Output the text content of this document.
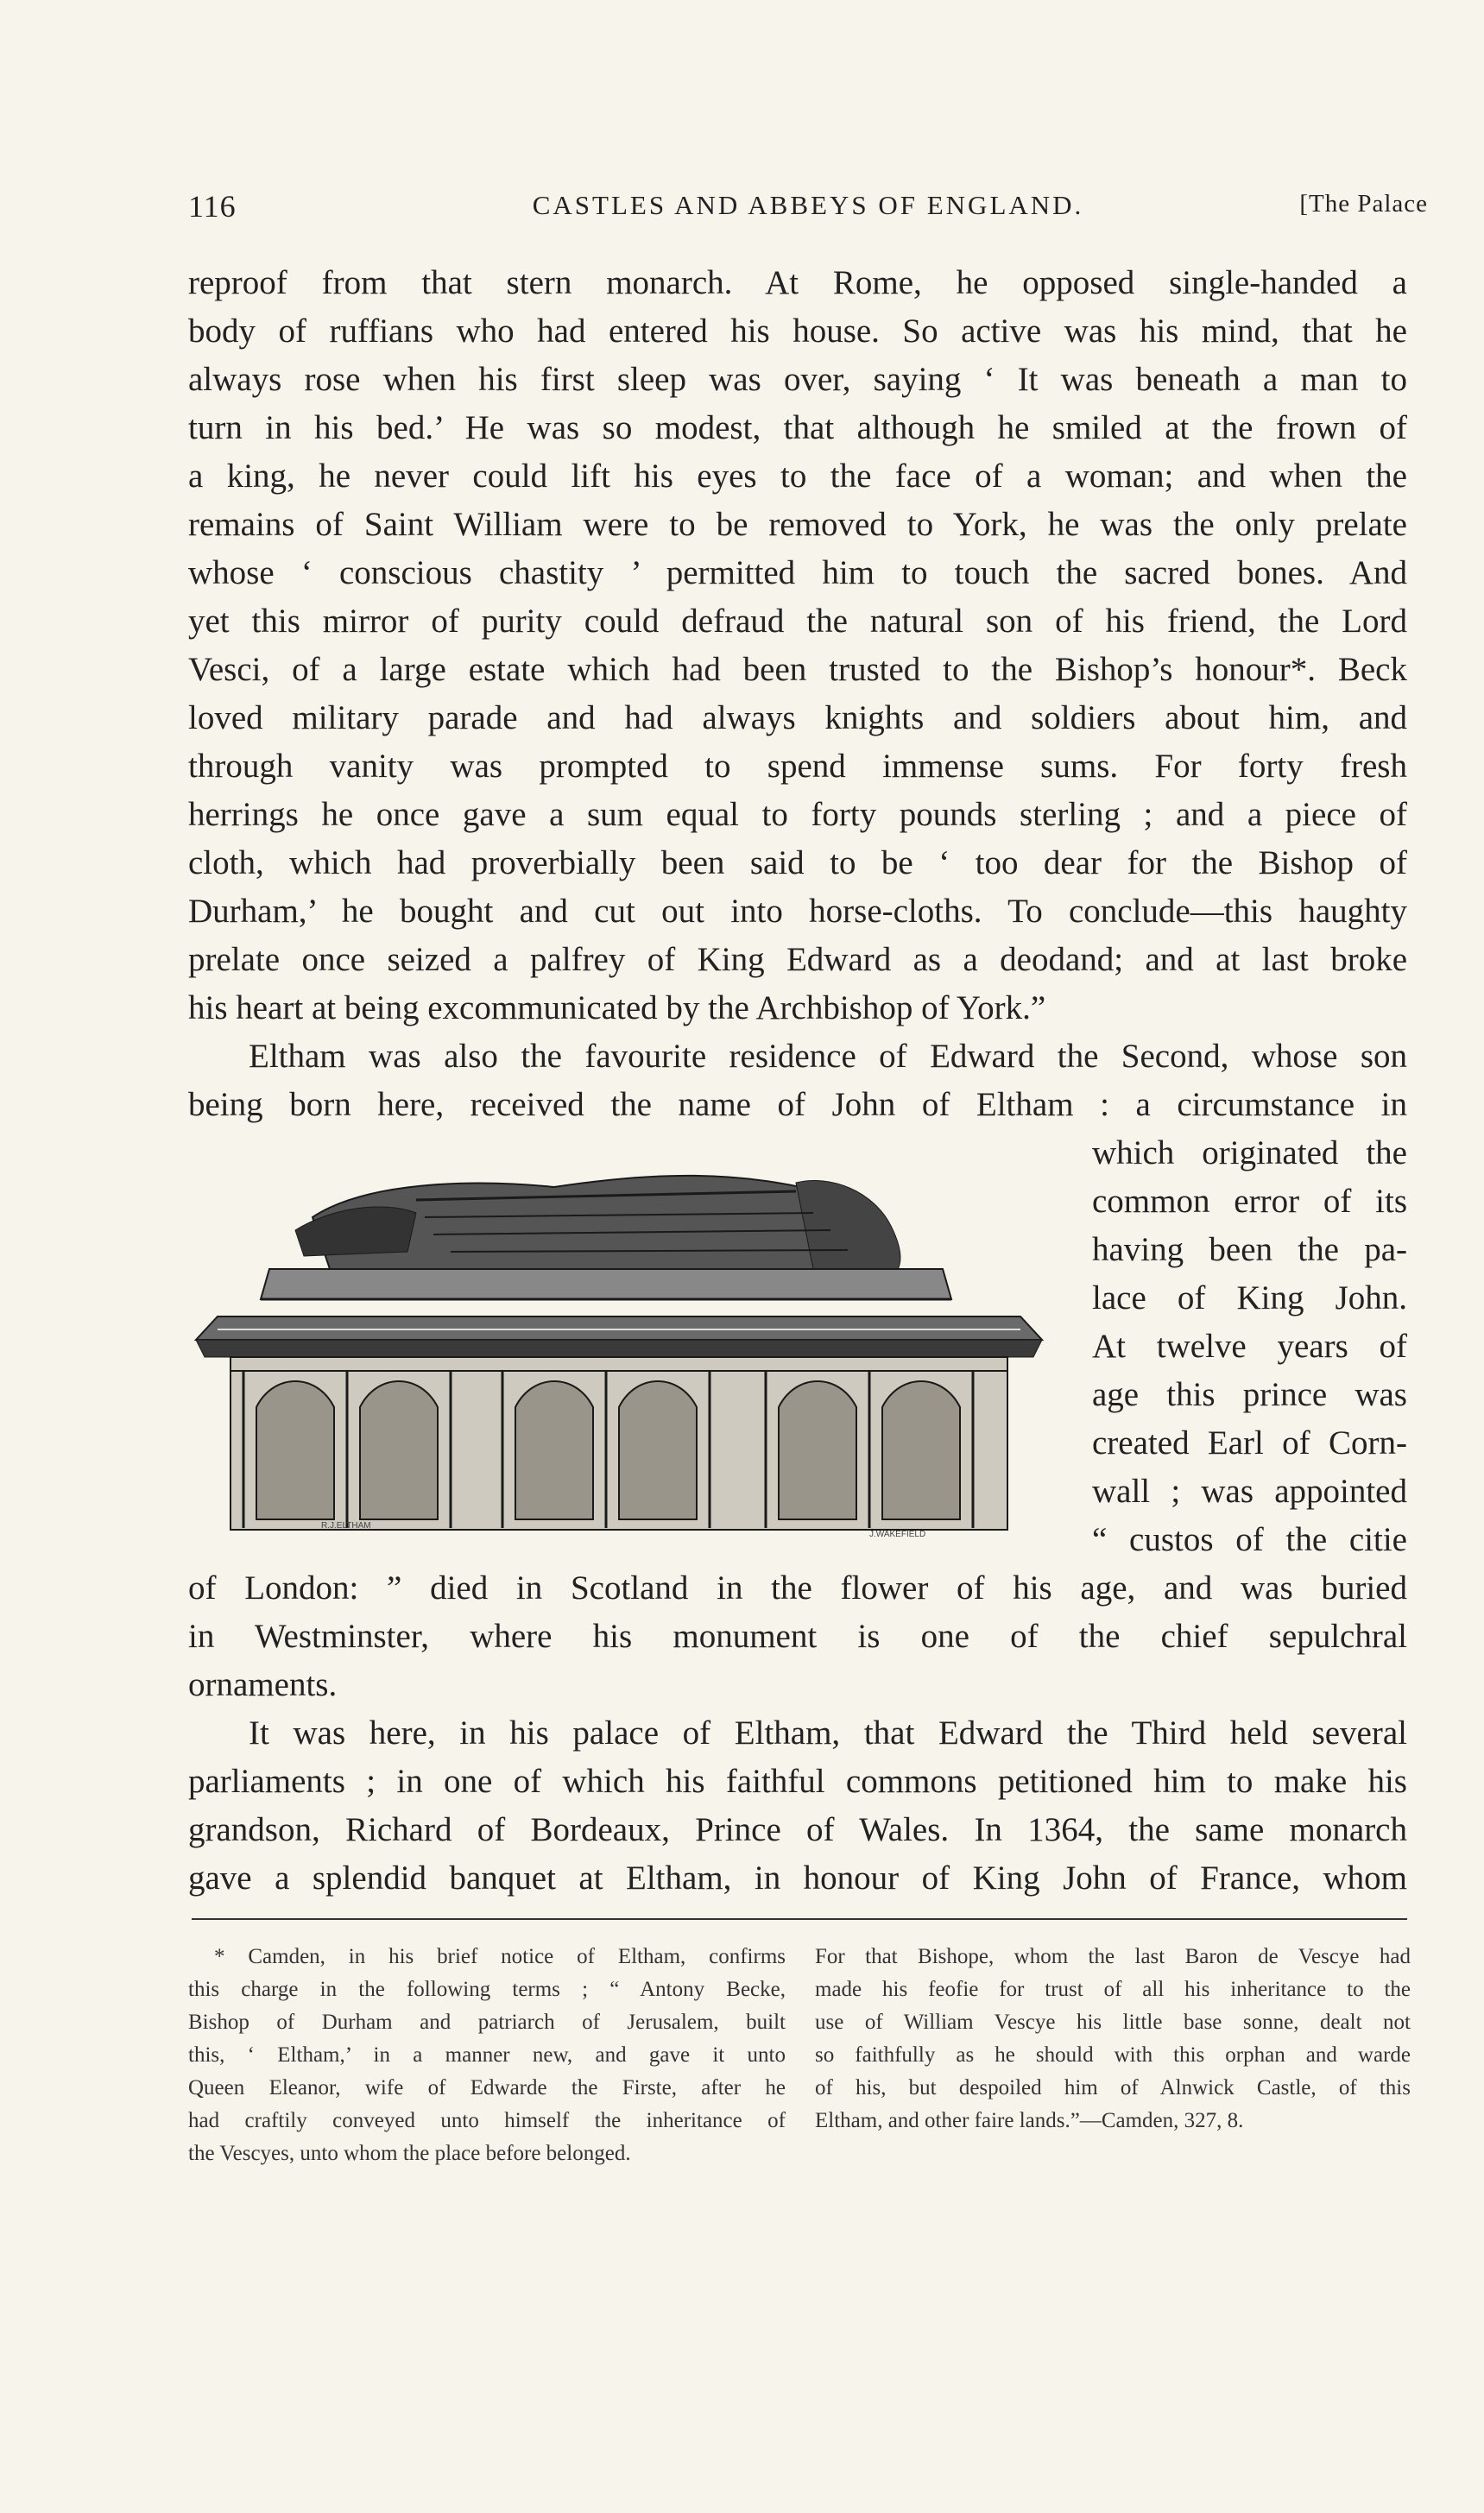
116	CASTLES AND ABBEYS OF ENGLAND.	[The Palace
reproof from that stern monarch. At Rome, he opposed single-handed a
body of ruffians who had entered his house. So active was his mind, that he
always rose when his first sleep was over, saying ‘ It was beneath a man to
turn in his bed.’ He was so modest, that although he smiled at the frown of
a king, he never could lift his eyes to the face of a woman; and when the
remains of Saint William were to be removed to York, he was the only prelate
whose ‘ conscious chastity ’ permitted him to touch the sacred bones. And
yet this mirror of purity could defraud the natural son of his friend, the Lord
Vesci, of a large estate which had been trusted to the Bishop’s honour*. Beck
loved military parade and had always knights and soldiers about him, and
through vanity was prompted to spend immense sums. For forty fresh
herrings he once gave a sum equal to forty pounds sterling ; and a piece of
cloth, which had proverbially been said to be ‘ too dear for the Bishop of
Durham,’ he bought and cut out into horse-cloths. To conclude—this haughty
prelate once seized a palfrey of King Edward as a deodand; and at last broke
his heart at being excommunicated by the Archbishop of York.”
Eltham was also the favourite residence of Edward the Second, whose son
being born here, received the name of John of Eltham : a circumstance in
which originated the
common error of its
having been the pa-
lace of King John.
At twelve years of
age this prince was
created Earl of Corn-
wall ; was appointed
“ custos of the citie
R.J.ELTHAM
J.WAKEFIELD
of London: ” died in Scotland in the flower of his age, and was buried
in Westminster, where his monument is one of the chief sepulchral
ornaments.
It was here, in his palace of Eltham, that Edward the Third held several
parliaments ; in one of which his faithful commons petitioned him to make his
grandson, Richard of Bordeaux, Prince of Wales. In 1364, the same monarch
gave a splendid banquet at Eltham, in honour of King John of France, whom
* Camden, in his brief notice of Eltham, confirms
this charge in the following terms ; “ Antony Becke,
Bishop of Durham and patriarch of Jerusalem, built
this, ‘ Eltham,’ in a manner new, and gave it unto
Queen Eleanor, wife of Edwarde the Firste, after he
had craftily conveyed unto himself the inheritance of
the Vescyes, unto whom the place before belonged.
For that Bishope, whom the last Baron de Vescye had
made his feofie for trust of all his inheritance to the
use of William Vescye his little base sonne, dealt not
so faithfully as he should with this orphan and warde
of his, but despoiled him of Alnwick Castle, of this
Eltham, and other faire lands.”—Camden, 327, 8.
